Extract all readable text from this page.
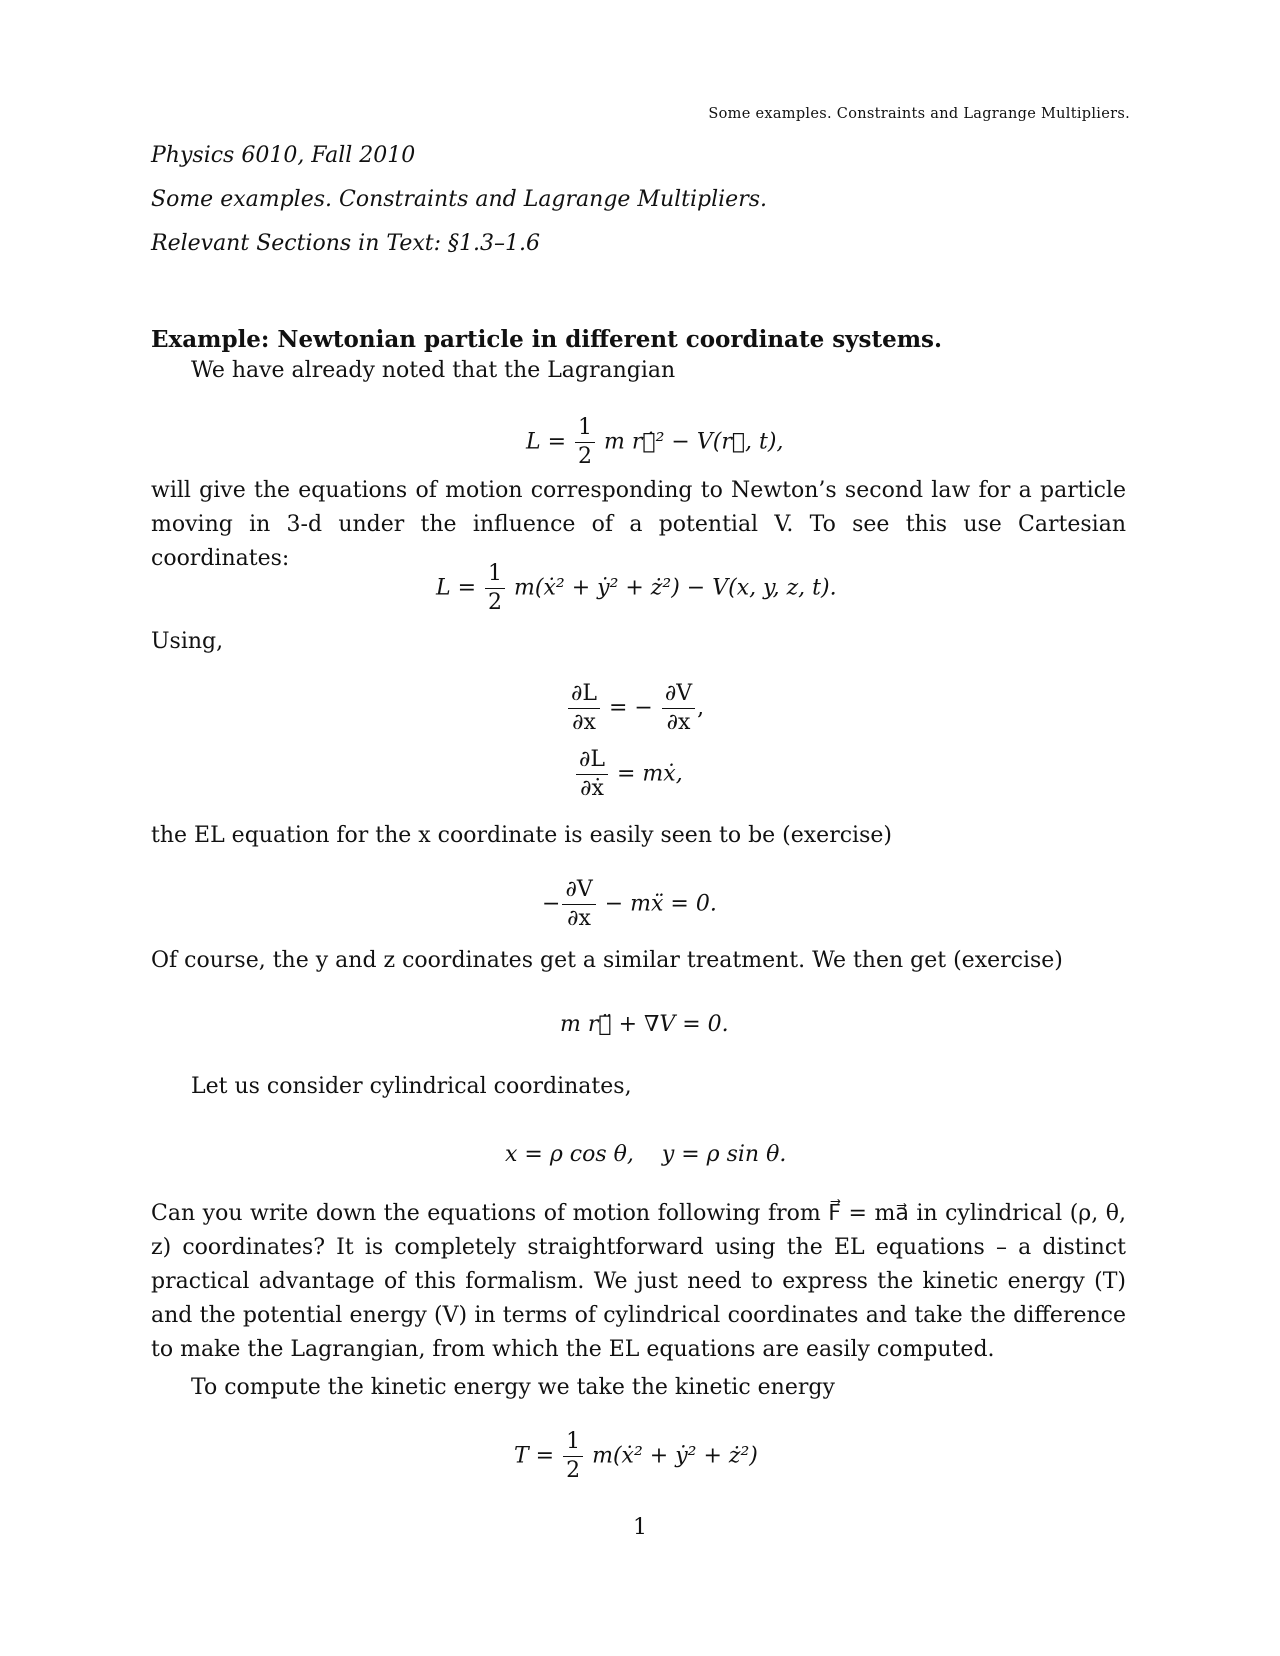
Some examples. Constraints and Lagrange Multipliers.
Physics 6010, Fall 2010
Some examples. Constraints and Lagrange Multipliers.
Relevant Sections in Text: §1.3–1.6
Example: Newtonian particle in different coordinate systems.
We have already noted that the Lagrangian
$L = \frac{1}{2}$ m r⃗̇² − V(r⃗, t),
will give the equations of motion corresponding to Newton’s second law for a particle moving in 3-d under the influence of a potential V. To see this use Cartesian coordinates:
$L = \frac{1}{2}$ m(ẋ² + ẏ² + ż²) − V(x, y, z, t).
Using,
$\frac{\partial L}{\partial x}$ = − $\frac{\partial V}{\partial x}$ ,
$\frac{\partial L}{\text{∂ẋ}}$ = mẋ,
the EL equation for the x coordinate is easily seen to be (exercise)
− $\frac{\partial V}{\partial x}$ − mẍ = 0.
Of course, the y and z coordinates get a similar treatment. We then get (exercise)
m r⃗̈ + ∇V = 0.
Let us consider cylindrical coordinates,
x = ρ cos θ,    y = ρ sin θ.
Can you write down the equations of motion following from F⃗ = ma⃗ in cylindrical (ρ, θ, z) coordinates? It is completely straightforward using the EL equations – a distinct practical advantage of this formalism. We just need to express the kinetic energy (T) and the potential energy (V) in terms of cylindrical coordinates and take the difference to make the Lagrangian, from which the EL equations are easily computed.
To compute the kinetic energy we take the kinetic energy
$T = \frac{1}{2}$ m(ẋ² + ẏ² + ż²)
1
